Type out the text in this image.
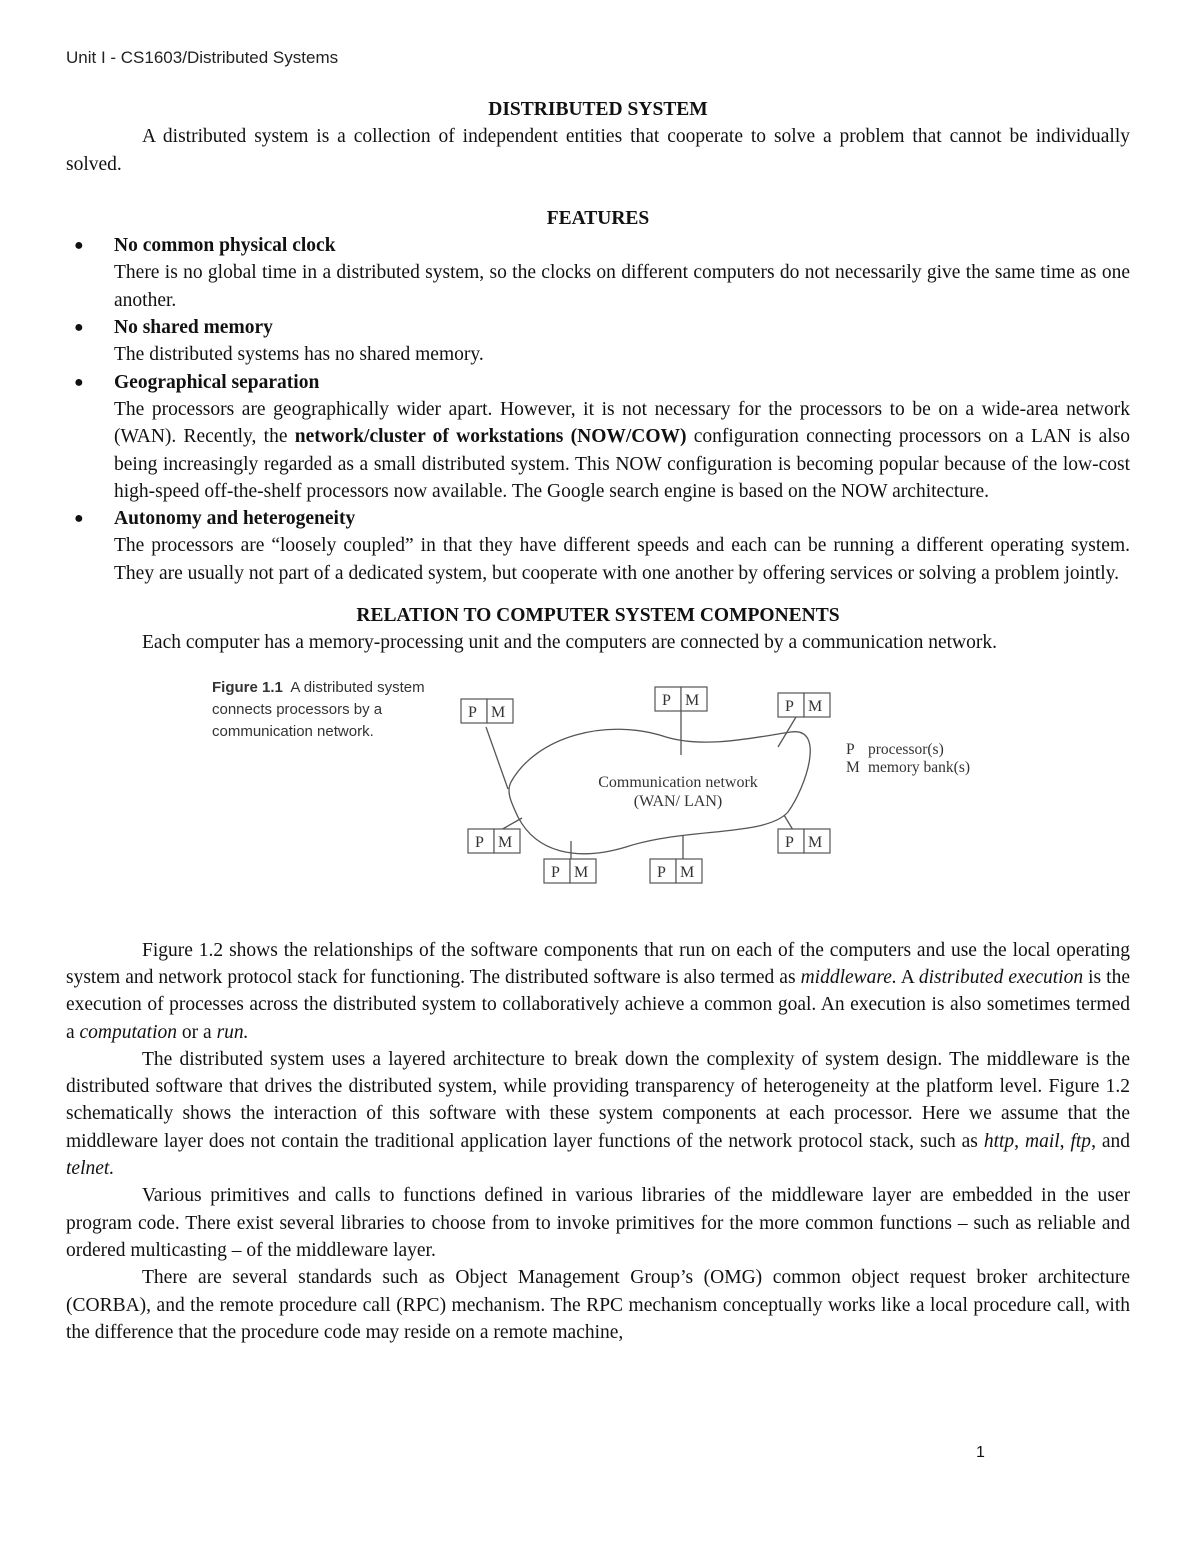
Unit I - CS1603/Distributed Systems

DISTRIBUTED SYSTEM

A distributed system is a collection of independent entities that cooperate to solve a problem that cannot be individually solved.

FEATURES

● No common physical clock
There is no global time in a distributed system, so the clocks on different computers do not necessarily give the same time as one another.
● No shared memory
The distributed systems has no shared memory.
● Geographical separation
The processors are geographically wider apart. However, it is not necessary for the processors to be on a wide-area network (WAN). Recently, the network/cluster of workstations (NOW/COW) configuration connecting processors on a LAN is also being increasingly regarded as a small distributed system. This NOW configuration is becoming popular because of the low-cost high-speed off-the-shelf processors now available. The Google search engine is based on the NOW architecture.
● Autonomy and heterogeneity
The processors are “loosely coupled” in that they have different speeds and each can be running a different operating system. They are usually not part of a dedicated system, but cooperate with one another by offering services or solving a problem jointly.

RELATION TO COMPUTER SYSTEM COMPONENTS

Each computer has a memory-processing unit and the computers are connected by a communication network.

Figure 1.1 A distributed system connects processors by a communication network.
P M
P M	P M
P M
P M	P M
P M
Communication network
(WAN/ LAN)
P processor(s)
M memory bank(s)

Figure 1.2 shows the relationships of the software components that run on each of the computers and use the local operating system and network protocol stack for functioning. The distributed software is also termed as middleware. A distributed execution is the execution of processes across the distributed system to collaboratively achieve a common goal. An execution is also sometimes termed a computation or a run.

The distributed system uses a layered architecture to break down the complexity of system design. The middleware is the distributed software that drives the distributed system, while providing transparency of heterogeneity at the platform level. Figure 1.2 schematically shows the interaction of this software with these system components at each processor. Here we assume that the middleware layer does not contain the traditional application layer functions of the network protocol stack, such as http, mail, ftp, and telnet.

Various primitives and calls to functions defined in various libraries of the middleware layer are embedded in the user program code. There exist several libraries to choose from to invoke primitives for the more common functions – such as reliable and ordered multicasting – of the middleware layer.

There are several standards such as Object Management Group’s (OMG) common object request broker architecture (CORBA), and the remote procedure call (RPC) mechanism. The RPC mechanism conceptually works like a local procedure call, with the difference that the procedure code may reside on a remote machine,

1
